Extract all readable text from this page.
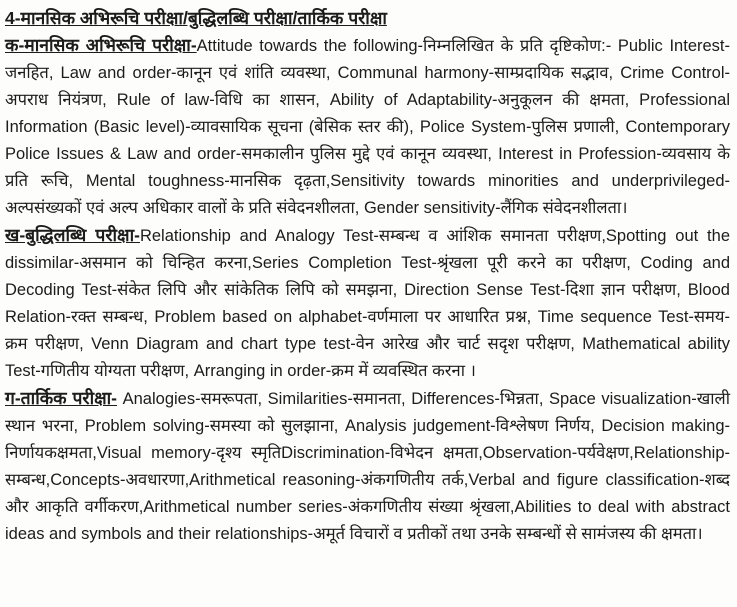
4-मानसिक अभिरूचि परीक्षा/बुद्धिलब्धि परीक्षा/तार्किक परीक्षा

क-मानसिक अभिरूचि परीक्षा-Attitude towards the following-निम्नलिखित के प्रति दृष्टिकोण:- Public Interest-जनहित, Law and order-कानून एवं शांति व्यवस्था, Communal harmony-साम्प्रदायिक सद्भाव, Crime Control-अपराध नियंत्रण, Rule of law-विधि का शासन, Ability of Adaptability-अनुकूलन की क्षमता, Professional Information (Basic level)-व्यावसायिक सूचना (बेसिक स्तर की), Police System-पुलिस प्रणाली, Contemporary Police Issues & Law and order-समकालीन पुलिस मुद्दे एवं कानून व्यवस्था, Interest in Profession-व्यवसाय के प्रति रूचि, Mental toughness-मानसिक दृढ़ता,Sensitivity towards minorities and underprivileged-अल्पसंख्यकों एवं अल्प अधिकार वालों के प्रति संवेदनशीलता, Gender sensitivity-लैंगिक संवेदनशीलता।

ख-बुद्धिलब्धि परीक्षा-Relationship and Analogy Test-सम्बन्ध व आंशिक समानता परीक्षण,Spotting out the dissimilar-असमान को चिन्हित करना,Series Completion Test-श्रृंखला पूरी करने का परीक्षण, Coding and Decoding Test-संकेत लिपि और सांकेतिक लिपि को समझना, Direction Sense Test-दिशा ज्ञान परीक्षण, Blood Relation-रक्त सम्बन्ध, Problem based on alphabet-वर्णमाला पर आधारित प्रश्न, Time sequence Test-समय-क्रम परीक्षण, Venn Diagram and chart type test-वेन आरेख और चार्ट सदृश परीक्षण, Mathematical ability Test-गणितीय योग्यता परीक्षण, Arranging in order-क्रम में व्यवस्थित करना ।

ग-तार्किक परीक्षा- Analogies-समरूपता, Similarities-समानता, Differences-भिन्नता, Space visualization-खाली स्थान भरना, Problem solving-समस्या को सुलझाना, Analysis judgement-विश्लेषण निर्णय, Decision making-निर्णायकक्षमता,Visual memory-दृश्य स्मृतिDiscrimination-विभेदन क्षमता,Observation-पर्यवेक्षण,Relationship-सम्बन्ध,Concepts-अवधारणा,Arithmetical reasoning-अंकगणितीय तर्क,Verbal and figure classification-शब्द और आकृति वर्गीकरण,Arithmetical number series-अंकगणितीय संख्या श्रृंखला,Abilities to deal with abstract ideas and symbols and their relationships-अमूर्त विचारों व प्रतीकों तथा उनके सम्बन्धों से सामंजस्य की क्षमता।
